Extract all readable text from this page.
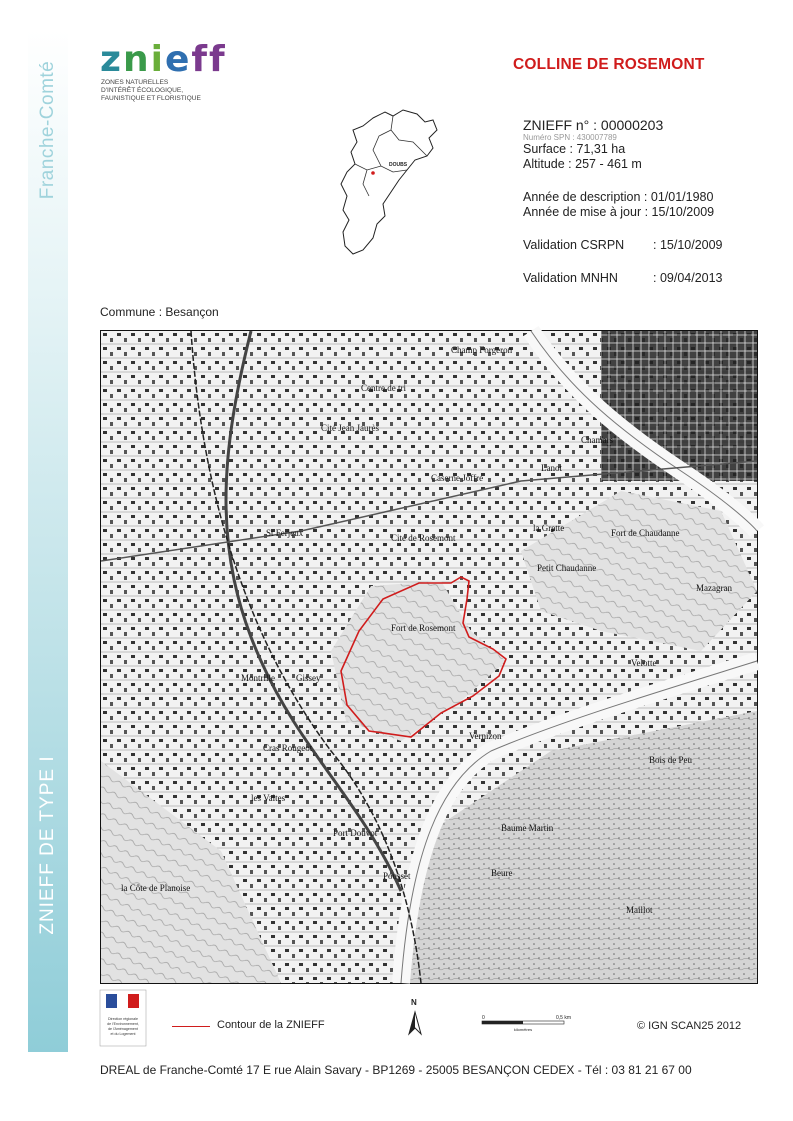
Franche-Comté
ZNIEFF DE TYPE I
znieff
ZONES NATURELLES
D'INTÉRÊT ÉCOLOGIQUE,
FAUNISTIQUE ET FLORISTIQUE
DOUBS
COLLINE DE ROSEMONT
ZNIEFF n° : 00000203
Numéro SPN : 430007789
Surface : 71,31 ha
Altitude : 257 - 461 m
Année de description : 01/01/1980
Année de mise à jour : 15/10/2009
Validation CSRPN : 15/10/2009
Validation MNHN	: 09/04/2013
Commune : Besançon
Champ Forgeron
Centre de tri
Cité Jean Jaurès
Caserne Joffre
Cité de Rosemont
St Ferjeux	la Grette
Petit Chaudanne
Fort de Chaudanne
Mazagran
Fort de Rosemont
Velotte
Montrille Gissey
Cras Rougeot
Vernizon
Port Douvot
Pousset	Beure
Bois de Peu
la Côte de Planoise
Maillot
les Vaites
Chamars
Lanot
Baume Martin
Direction régionale
de l'Environnement,
de l'Aménagement
et du Logement
Contour de la ZNIEFF
N
0	0,5 km
kilomètres	© IGN SCAN25 2012
DREAL de Franche-Comté 17 E rue Alain Savary - BP1269 - 25005 BESANÇON CEDEX - Tél : 03 81 21 67 00
